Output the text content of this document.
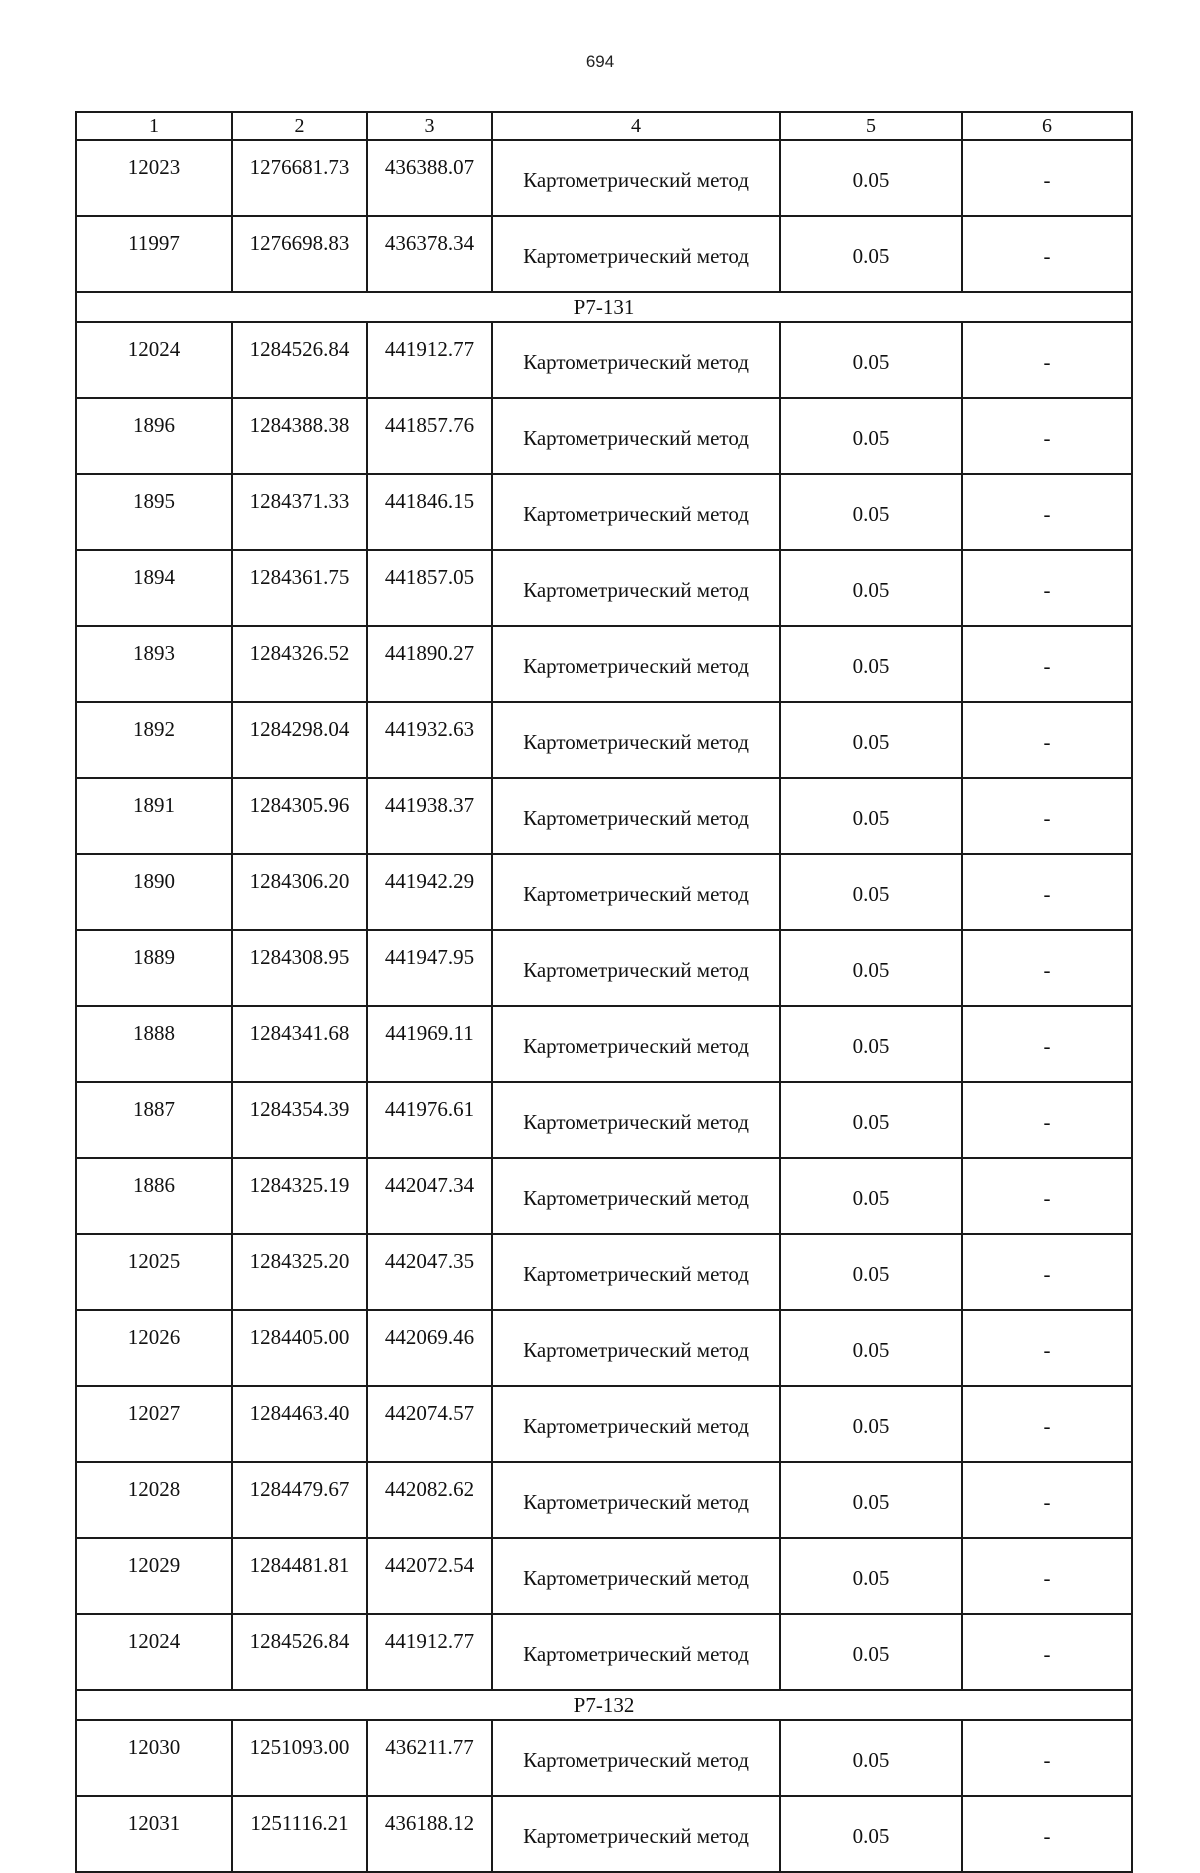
694
1	2	3	4	5	6
12023	1276681.73	436388.07	Картометрический метод	0.05	-
11997	1276698.83	436378.34	Картометрический метод	0.05	-
Р7-131					
12024	1284526.84	441912.77	Картометрический метод	0.05	-
1896	1284388.38	441857.76	Картометрический метод	0.05	-
1895	1284371.33	441846.15	Картометрический метод	0.05	-
1894	1284361.75	441857.05	Картометрический метод	0.05	-
1893	1284326.52	441890.27	Картометрический метод	0.05	-
1892	1284298.04	441932.63	Картометрический метод	0.05	-
1891	1284305.96	441938.37	Картометрический метод	0.05	-
1890	1284306.20	441942.29	Картометрический метод	0.05	-
1889	1284308.95	441947.95	Картометрический метод	0.05	-
1888	1284341.68	441969.11	Картометрический метод	0.05	-
1887	1284354.39	441976.61	Картометрический метод	0.05	-
1886	1284325.19	442047.34	Картометрический метод	0.05	-
12025	1284325.20	442047.35	Картометрический метод	0.05	-
12026	1284405.00	442069.46	Картометрический метод	0.05	-
12027	1284463.40	442074.57	Картометрический метод	0.05	-
12028	1284479.67	442082.62	Картометрический метод	0.05	-
12029	1284481.81	442072.54	Картометрический метод	0.05	-
12024	1284526.84	441912.77	Картометрический метод	0.05	-
Р7-132					
12030	1251093.00	436211.77	Картометрический метод	0.05	-
12031	1251116.21	436188.12	Картометрический метод	0.05	-
